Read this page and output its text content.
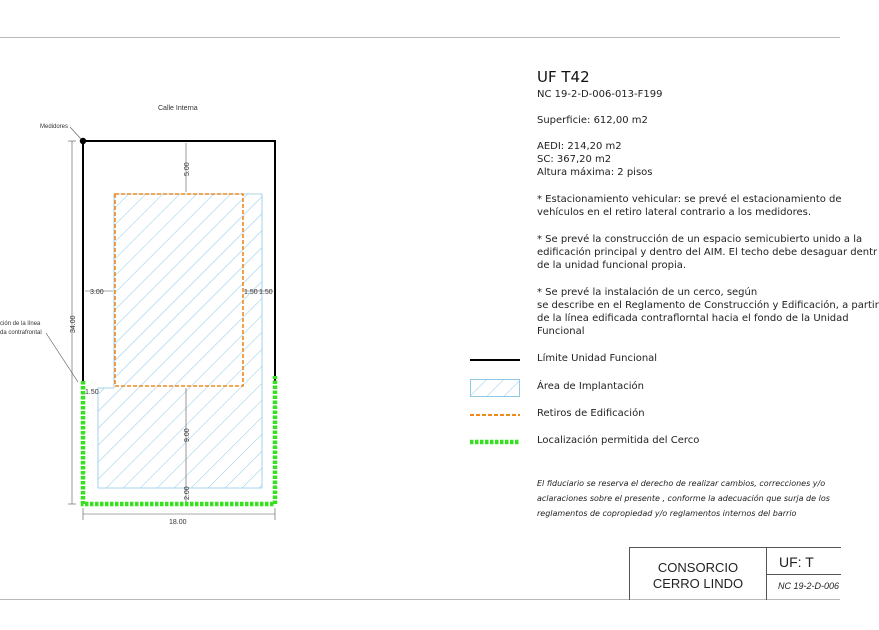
Calle Interna
Medidores
ción de la línea
da contrafrontal
5.00
3.00	1.50 1.50
34.00
1.50
9.00
2.00
18.00
UF T42
NC 19-2-D-006-013-F199
Superficie: 612,00 m2
AEDI: 214,20 m2
SC: 367,20 m2
Altura máxima: 2 pisos
* Estacionamiento vehicular: se prevé el estacionamiento de
vehículos en el retiro lateral contrario a los medidores.
* Se prevé la construcción de un espacio semicubierto unido a la
edificación principal y dentro del AIM. El techo debe desaguar dentr
de la unidad funcional propia.
* Se prevé la instalación de un cerco, según
se describe en el Reglamento de Construcción y Edificación, a partir
de la línea edificada contraflorntal hacia el fondo de la Unidad
Funcional
Límite Unidad Funcional
Área de Implantación
Retiros de Edificación
Localización permitida del Cerco
El fiduciario se reserva el derecho de realizar cambios, correcciones y/o
aclaraciones sobre el presente , conforme la adecuación que surja de los
reglamentos de copropiedad y/o reglamentos internos del barrio
CONSORCIO
CERRO LINDO
UF: T
NC 19-2-D-006
